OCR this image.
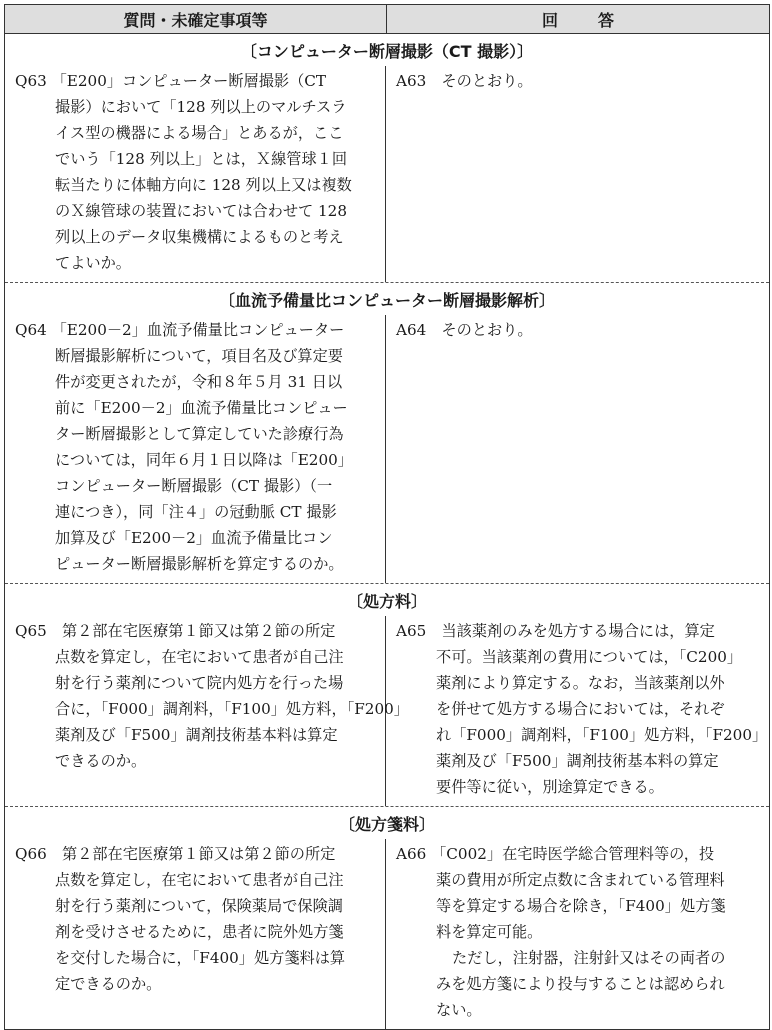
質問・未確定事項等	回答
〔コンピューター断層撮影（CT 撮影）〕
Q63 「E200」コンピューター断層撮影（CT
撮影）において「128 列以上のマルチスラ
イス型の機器による場合」とあるが，ここ
でいう「128 列以上」とは，Ｘ線管球１回
転当たりに体軸方向に 128 列以上又は複数
のＸ線管球の装置においては合わせて 128
列以上のデータ収集機構によるものと考え
てよいか。
A63　そのとおり。
〔血流予備量比コンピューター断層撮影解析〕
Q64 「E200－2」血流予備量比コンピューター
断層撮影解析について，項目名及び算定要
件が変更されたが，令和８年５月 31 日以
前に「E200－2」血流予備量比コンピュー
ター断層撮影として算定していた診療行為
については，同年６月１日以降は「E200」
コンピューター断層撮影（CT 撮影）（一
連につき），同「注４」の冠動脈 CT 撮影
加算及び「E200－2」血流予備量比コン
ピューター断層撮影解析を算定するのか。
A64　そのとおり。
〔処方料〕
Q65　第２部在宅医療第１節又は第２節の所定
点数を算定し，在宅において患者が自己注
射を行う薬剤について院内処方を行った場
合に，「F000」調剤料，「F100」処方料，「F200」
薬剤及び「F500」調剤技術基本料は算定
できるのか。
A65　当該薬剤のみを処方する場合には，算定
不可。当該薬剤の費用については，「C200」
薬剤により算定する。なお，当該薬剤以外
を併せて処方する場合においては，それぞ
れ「F000」調剤料，「F100」処方料，「F200」
薬剤及び「F500」調剤技術基本料の算定
要件等に従い，別途算定できる。
〔処方箋料〕
Q66　第２部在宅医療第１節又は第２節の所定
点数を算定し，在宅において患者が自己注
射を行う薬剤について，保険薬局で保険調
剤を受けさせるために，患者に院外処方箋
を交付した場合に，「F400」処方箋料は算
定できるのか。
A66 「C002」在宅時医学総合管理料等の，投
薬の費用が所定点数に含まれている管理料
等を算定する場合を除き，「F400」処方箋
料を算定可能。
ただし，注射器，注射針又はその両者の
みを処方箋により投与することは認められ
ない。
